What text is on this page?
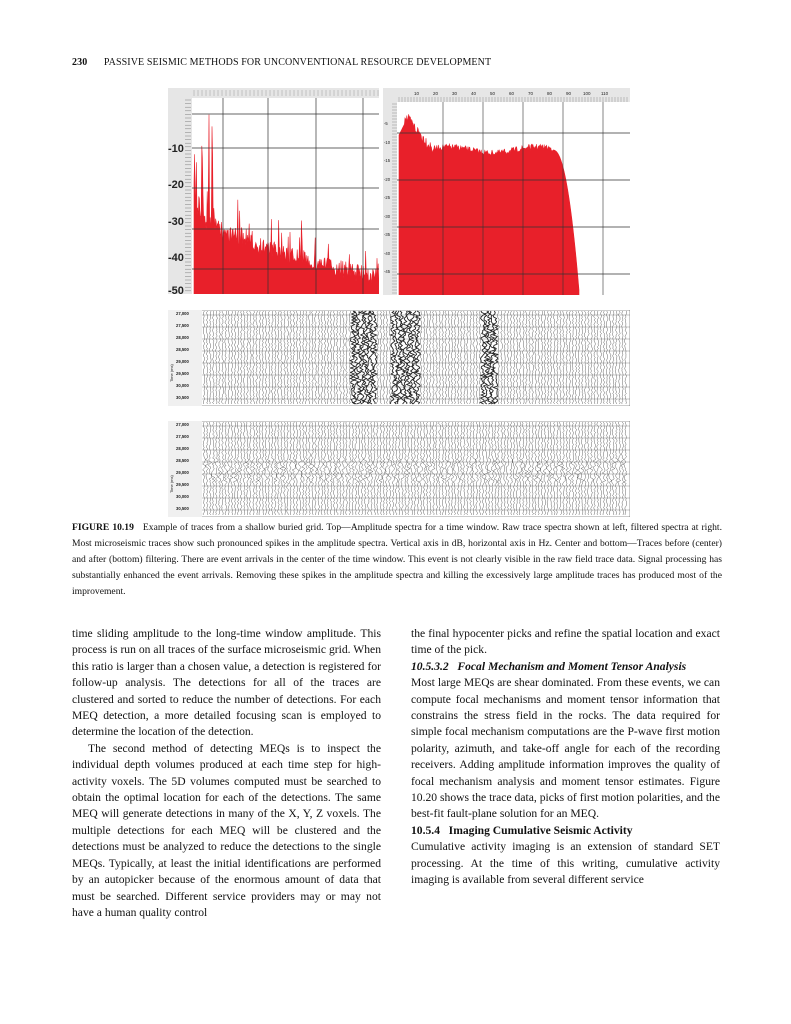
230 PASSIVE SEISMIC METHODS FOR UNCONVENTIONAL RESOURCE DEVELOPMENT
-10
-20
-30
-40
-50
10	20	30	40	50	60	70	80	90	100 110
-5
-10
-15
-20
-25
-30
-35
-40
-45
27,000
27,500
28,000
28,500
29,000
29,500
30,000
30,500
Time (ms)
27,000
27,500
28,000
28,500
29,000
29,500
30,000
30,500
Time (ms)
FIGURE 10.19 Example of traces from a shallow buried grid. Top—Amplitude spectra for a time window. Raw trace spectra shown at left, filtered spectra at right. Most microseismic traces show such pronounced spikes in the amplitude spectra. Vertical axis in dB, horizontal axis in Hz. Center and bottom—Traces before (center) and after (bottom) filtering. There are event arrivals in the center of the time window. This event is not clearly visible in the raw field trace data. Signal processing has substantially enhanced the event arrivals. Removing these spikes in the amplitude spectra and killing the excessively large amplitude traces has produced most of the improvement.

time sliding amplitude to the long-time window amplitude. This process is run on all traces of the surface microseismic grid. When this ratio is larger than a chosen value, a detection is registered for follow-up analysis. The detections for all of the traces are clustered and sorted to reduce the number of detections. For each MEQ detection, a more detailed focusing scan is employed to determine the location of the detection.

The second method of detecting MEQs is to inspect the individual depth volumes produced at each time step for high-activity voxels. The 5D volumes computed must be searched to obtain the optimal location for each of the detections. The same MEQ will generate detections in many of the X, Y, Z voxels. The multiple detections for each MEQ will be clustered and the detections must be analyzed to reduce the detections to the single MEQs. Typically, at least the initial identifications are performed by an autopicker because of the enormous amount of data that must be searched. Different service providers may or may not have a human quality control

the final hypocenter picks and refine the spatial location and exact time of the pick.

10.5.3.2   Focal Mechanism and Moment Tensor Analysis

Most large MEQs are shear dominated. From these events, we can compute focal mechanisms and moment tensor information that constrains the stress field in the rocks. The data required for simple focal mechanism computations are the P-wave first motion polarity, azimuth, and take-off angle for each of the recording receivers. Adding amplitude information improves the quality of focal mechanism analysis and moment tensor estimates. Figure 10.20 shows the trace data, picks of first motion polarities, and the best-fit fault-plane solution for an MEQ.

10.5.4   Imaging Cumulative Seismic Activity

Cumulative activity imaging is an extension of standard SET processing. At the time of this writing, cumulative activity imaging is available from several different service
